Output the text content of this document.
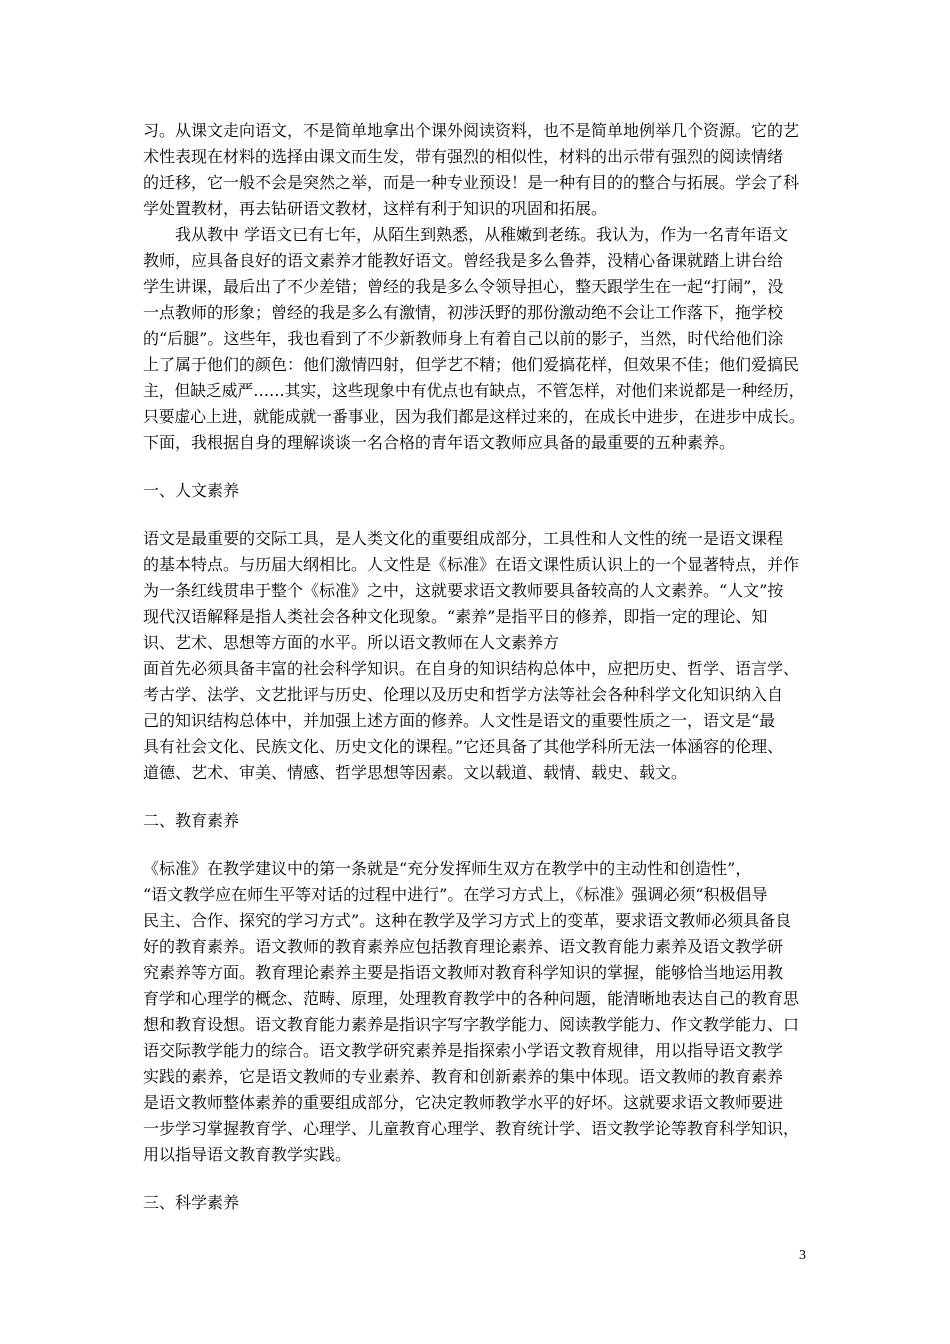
习。从课文走向语文，不是简单地拿出个课外阅读资料，也不是简单地例举几个资源。它的艺
术性表现在材料的选择由课文而生发，带有强烈的相似性，材料的出示带有强烈的阅读情绪
的迁移，它一般不会是突然之举，而是一种专业预设！是一种有目的的整合与拓展。学会了科
学处置教材，再去钻研语文教材，这样有利于知识的巩固和拓展。
　　我从教中 学语文已有七年，从陌生到熟悉，从稚嫩到老练。我认为，作为一名青年语文
教师，应具备良好的语文素养才能教好语文。曾经我是多么鲁莽，没精心备课就踏上讲台给
学生讲课，最后出了不少差错；曾经的我是多么令领导担心，整天跟学生在一起“打闹”，没
一点教师的形象；曾经的我是多么有激情，初涉沃野的那份激动绝不会让工作落下，拖学校
的“后腿”。这些年，我也看到了不少新教师身上有着自己以前的影子，当然，时代给他们涂
上了属于他们的颜色：他们激情四射，但学艺不精；他们爱搞花样，但效果不佳；他们爱搞民
主，但缺乏威严……其实，这些现象中有优点也有缺点，不管怎样，对他们来说都是一种经历，
只要虚心上进，就能成就一番事业，因为我们都是这样过来的，在成长中进步，在进步中成长。
下面，我根据自身的理解谈谈一名合格的青年语文教师应具备的最重要的五种素养。
一、人文素养
语文是最重要的交际工具，是人类文化的重要组成部分，工具性和人文性的统一是语文课程
的基本特点。与历届大纲相比。人文性是《标准》在语文课性质认识上的一个显著特点，并作
为一条红线贯串于整个《标准》之中，这就要求语文教师要具备较高的人文素养。“人文”按
现代汉语解释是指人类社会各种文化现象。“素养”是指平日的修养，即指一定的理论、知
识、艺术、思想等方面的水平。所以语文教师在人文素养方
面首先必须具备丰富的社会科学知识。在自身的知识结构总体中，应把历史、哲学、语言学、
考古学、法学、文艺批评与历史、伦理以及历史和哲学方法等社会各种科学文化知识纳入自
己的知识结构总体中，并加强上述方面的修养。人文性是语文的重要性质之一，语文是“最
具有社会文化、民族文化、历史文化的课程。”它还具备了其他学科所无法一体涵容的伦理、
道德、艺术、审美、情感、哲学思想等因素。文以载道、载情、载史、载文。
二、教育素养
《标准》在教学建议中的第一条就是“充分发挥师生双方在教学中的主动性和创造性”，
“语文教学应在师生平等对话的过程中进行”。在学习方式上，《标准》强调必须“积极倡导
民主、合作、探究的学习方式”。这种在教学及学习方式上的变革，要求语文教师必须具备良
好的教育素养。语文教师的教育素养应包括教育理论素养、语文教育能力素养及语文教学研
究素养等方面。教育理论素养主要是指语文教师对教育科学知识的掌握，能够恰当地运用教
育学和心理学的概念、范畴、原理，处理教育教学中的各种问题，能清晰地表达自己的教育思
想和教育设想。语文教育能力素养是指识字写字教学能力、阅读教学能力、作文教学能力、口
语交际教学能力的综合。语文教学研究素养是指探索小学语文教育规律，用以指导语文教学
实践的素养，它是语文教师的专业素养、教育和创新素养的集中体现。语文教师的教育素养
是语文教师整体素养的重要组成部分，它决定教师教学水平的好坏。这就要求语文教师要进
一步学习掌握教育学、心理学、儿童教育心理学、教育统计学、语文教学论等教育科学知识，
用以指导语文教育教学实践。
三、科学素养
3
